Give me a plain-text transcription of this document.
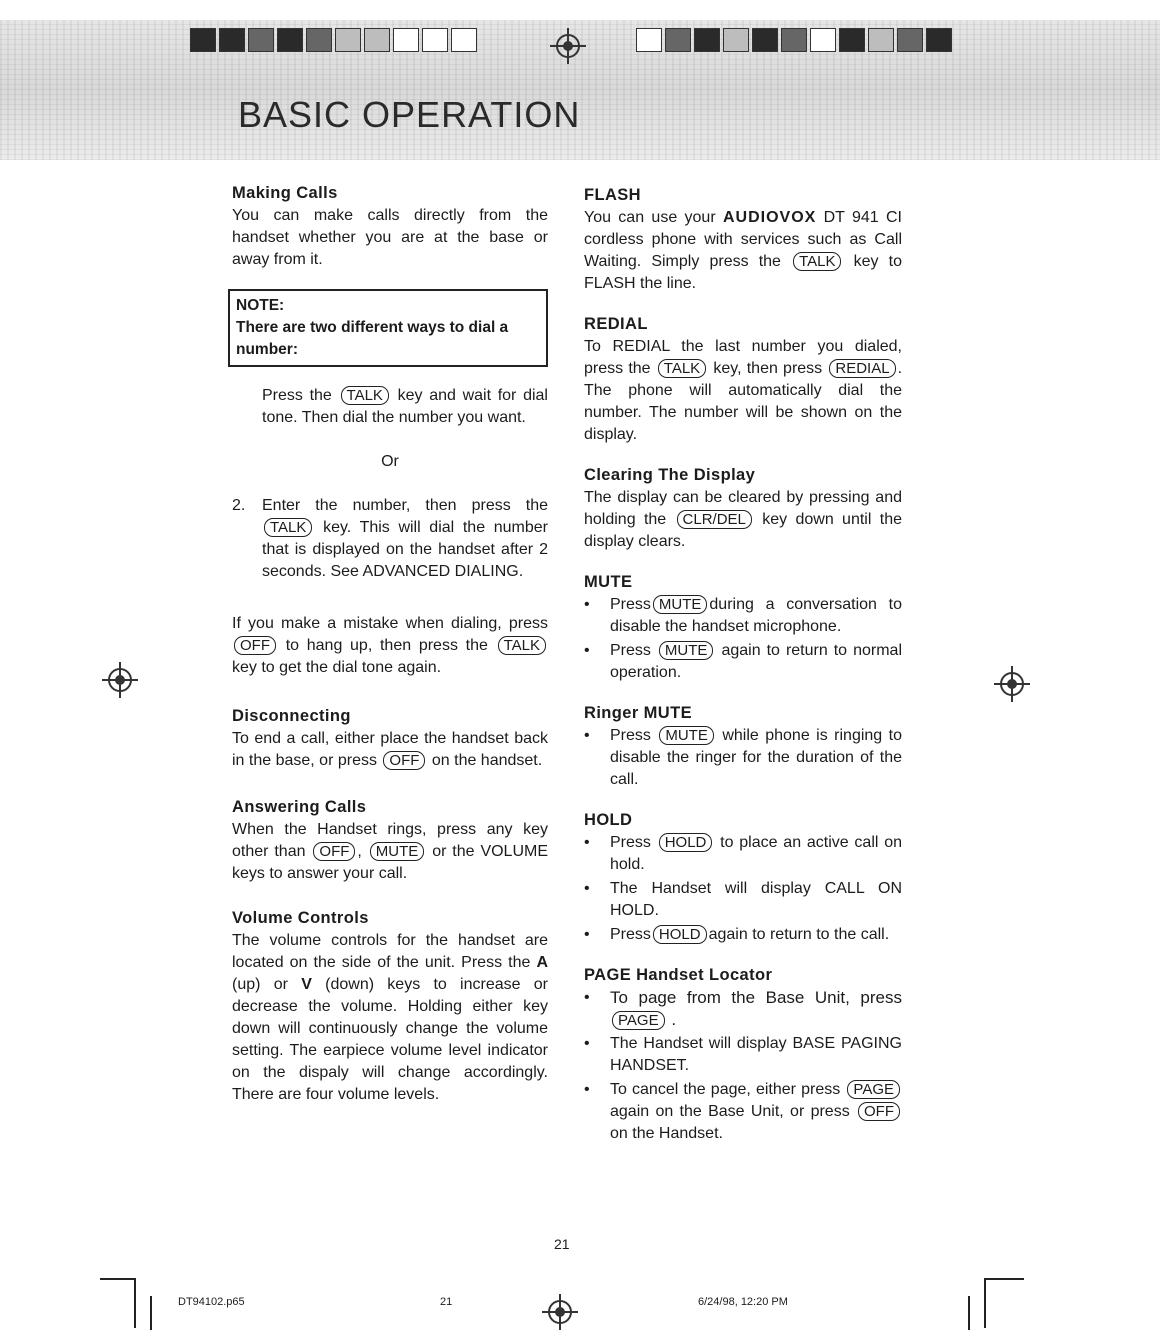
BASIC OPERATION
Making Calls
You can make calls directly from the handset whether you are at the base or away from it.
NOTE:
There are two different ways to dial a number:
Press the TALK key and wait for dial tone. Then dial the number you want.
Or
2.	Enter the number, then press the TALK key. This will dial the number that is displayed on the handset after 2 seconds. See ADVANCED DIALING.
If you make a mistake when dialing, press OFF to hang up, then press the TALK key to get the dial tone again.
Disconnecting
To end a call, either place the handset back in the base, or press OFF on the handset.
Answering Calls
When the Handset rings, press any key other than OFF , MUTE or the VOLUME keys to answer your call.
Volume Controls
The volume controls for the handset are located on the side of the unit. Press the A (up) or V (down) keys to increase or decrease the volume. Holding either key down will continuously change the volume setting. The earpiece volume level indicator on the dispaly will change accordingly. There are four volume levels.
FLASH
You can use your AUDIOVOX DT 941 CI cordless phone with services such as Call Waiting. Simply press the TALK key to FLASH the line.
REDIAL
To REDIAL the last number you dialed, press the TALK key, then press REDIAL . The phone will automatically dial the number. The number will be shown on the display.
Clearing The Display
The display can be cleared by pressing and holding the CLR/DEL key down until the display clears.
MUTE
•	Press MUTE during a conversation to disable the handset microphone.
•	Press MUTE again to return to normal operation.
Ringer MUTE
•	Press MUTE while phone is ringing to disable the ringer for the duration of the call.
HOLD
•	Press HOLD to place an active call on hold.
•	The Handset will display CALL ON HOLD.
•	Press HOLD again to return to the call.
PAGE Handset Locator
•	To page from the Base Unit, press PAGE .
•	The Handset will display BASE PAGING HANDSET.
•	To cancel the page, either press PAGEagain on the Base Unit, or press OFF on the Handset.
21
DT94102.p65	21	6/24/98, 12:20 PM
